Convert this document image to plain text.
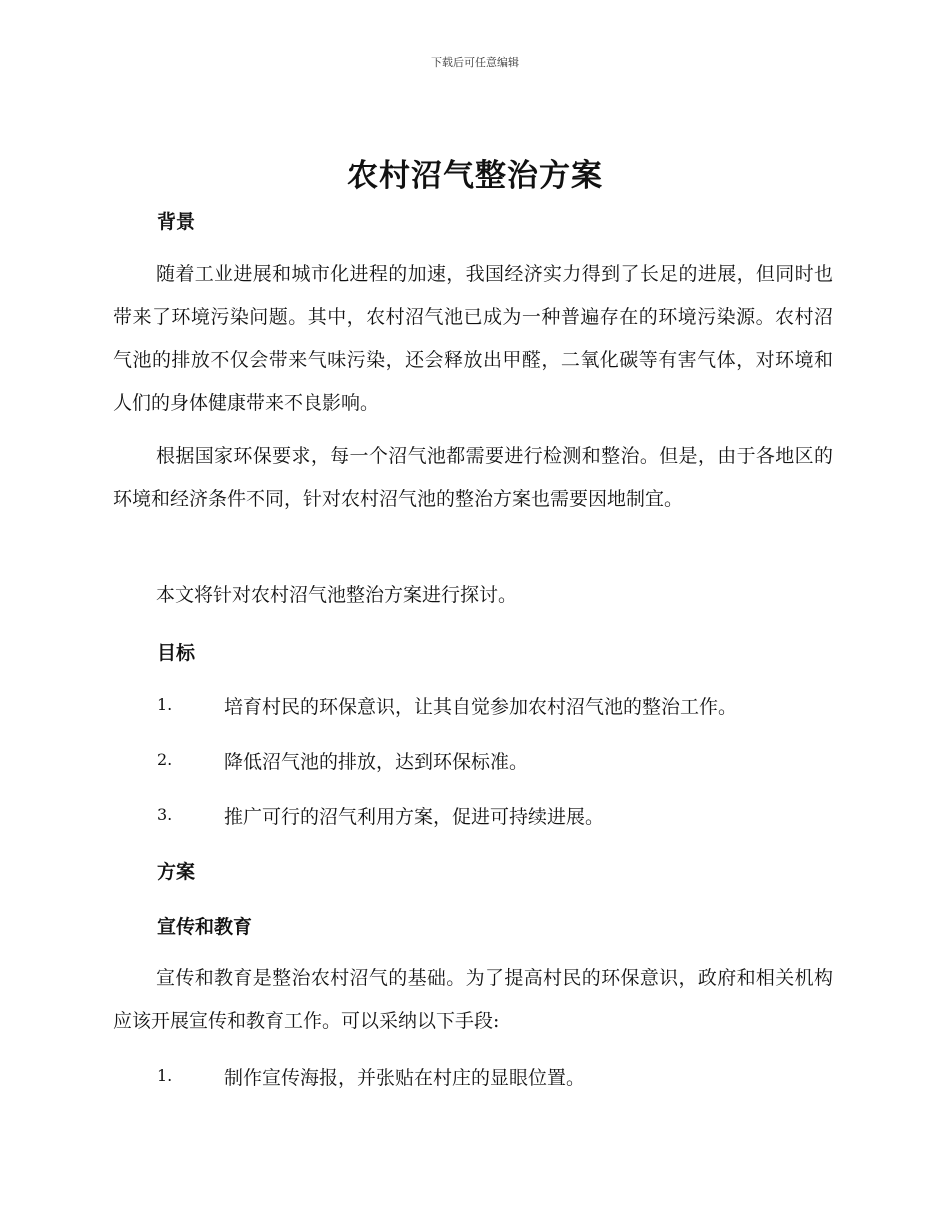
下载后可任意编辑
农村沼气整治方案
背景

随着工业进展和城市化进程的加速，我国经济实力得到了长足的进展，但同时也带来了环境污染问题。其中，农村沼气池已成为一种普遍存在的环境污染源。农村沼气池的排放不仅会带来气味污染，还会释放出甲醛，二氧化碳等有害气体，对环境和人们的身体健康带来不良影响。

根据国家环保要求，每一个沼气池都需要进行检测和整治。但是，由于各地区的环境和经济条件不同，针对农村沼气池的整治方案也需要因地制宜。

本文将针对农村沼气池整治方案进行探讨。

目标
1.	培育村民的环保意识，让其自觉参加农村沼气池的整治工作。
2.	降低沼气池的排放，达到环保标准。
3.	推广可行的沼气利用方案，促进可持续进展。
方案
宣传和教育

宣传和教育是整治农村沼气的基础。为了提高村民的环保意识，政府和相关机构应该开展宣传和教育工作。可以采纳以下手段:

1.	制作宣传海报，并张贴在村庄的显眼位置。
